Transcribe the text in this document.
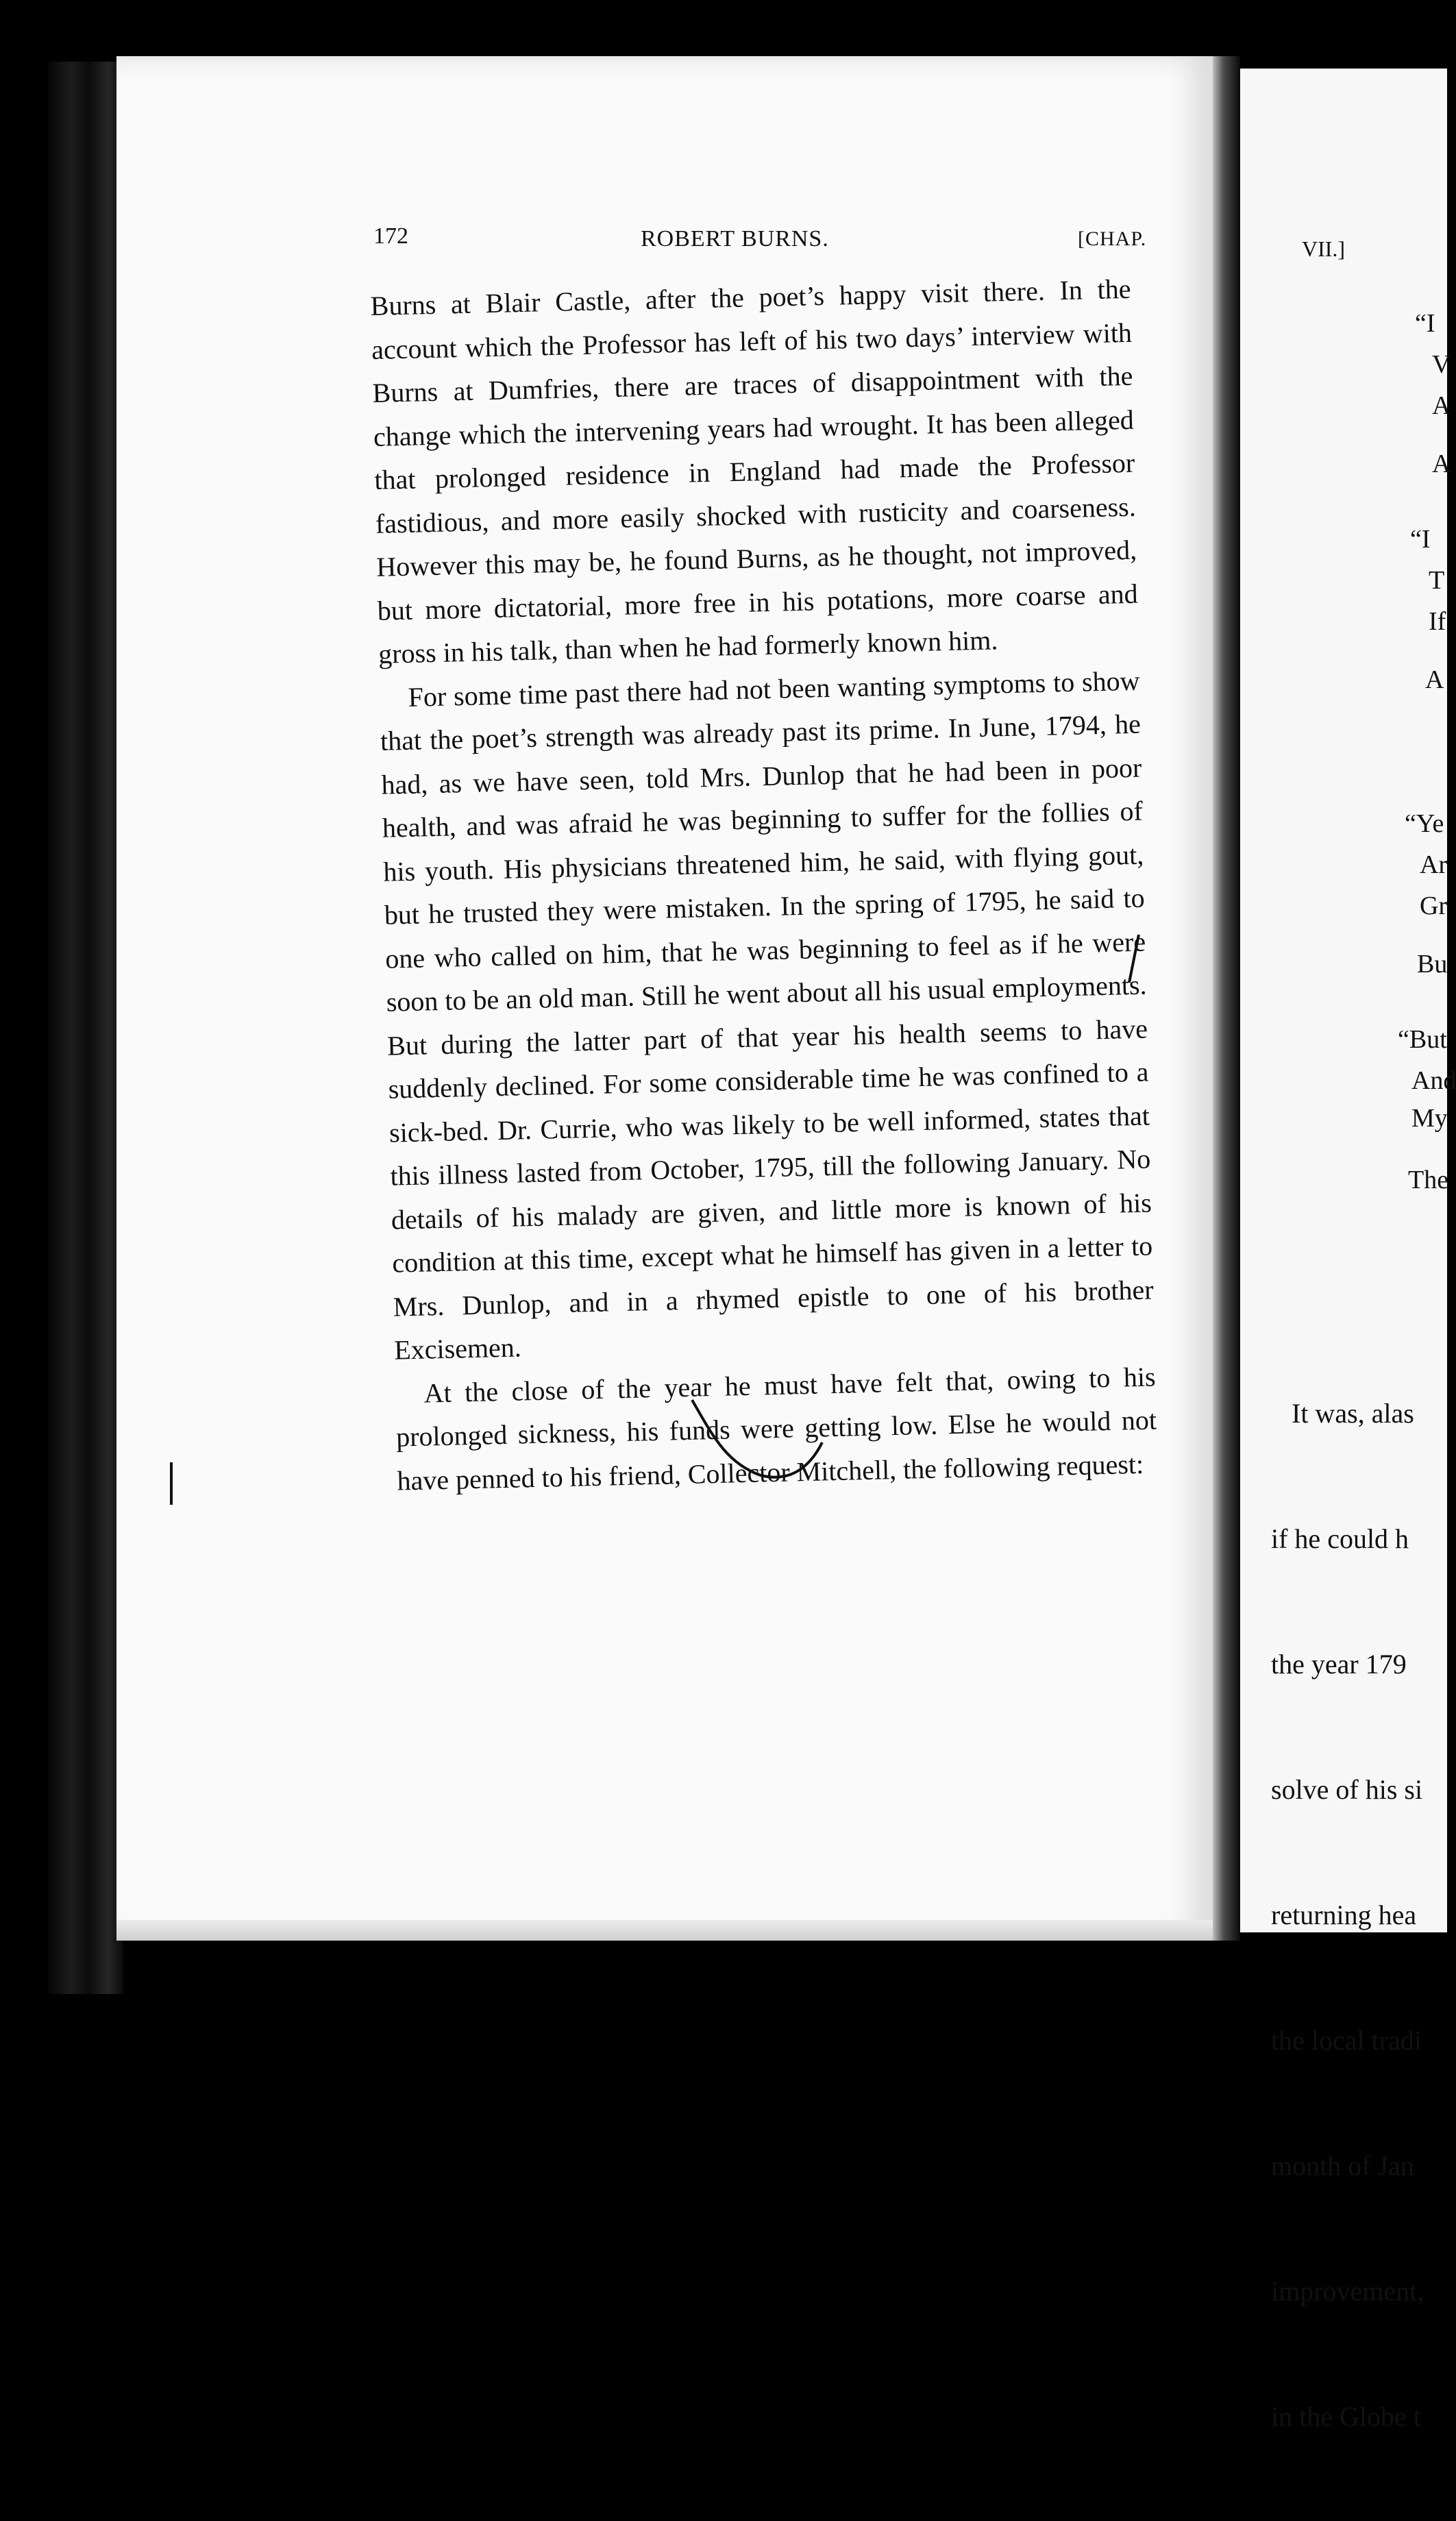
172	ROBERT BURNS.	[CHAP.

Burns at Blair Castle, after the poet’s happy visit there. In the account which the Professor has left of his two days’ interview with Burns at Dumfries, there are traces of disappointment with the change which the intervening years had wrought. It has been alleged that prolonged residence in England had made the Professor fastidious, and more easily shocked with rusticity and coarseness. However this may be, he found Burns, as he thought, not improved, but more dictatorial, more free in his potations, more coarse and gross in his talk, than when he had formerly known him.

For some time past there had not been wanting symptoms to show that the poet’s strength was already past its prime. In June, 1794, he had, as we have seen, told Mrs. Dunlop that he had been in poor health, and was afraid he was beginning to suffer for the follies of his youth. His physicians threatened him, he said, with flying gout, but he trusted they were mistaken. In the spring of 1795, he said to one who called on him, that he was beginning to feel as if he were soon to be an old man. Still he went about all his usual employments. But during the latter part of that year his health seems to have suddenly declined. For some considerable time he was confined to a sick-bed. Dr. Currie, who was likely to be well informed, states that this illness lasted from October, 1795, till the following January. No details of his malady are given, and little more is known of his condition at this time, except what he himself has given in a letter to Mrs. Dunlop, and in a rhymed epistle to one of his brother Excisemen.

At the close of the year he must have felt that, owing to his prolonged sickness, his funds were getting low. Else he would not have penned to his friend, Collector Mitchell, the following request:

VII.]
“I
V
A
A
“I
T
If
A
“Ye
Ar
Gr
Bu
“But
And
My
The

It was, alas

if he could h

the year 179

solve of his si

returning hea

the local tradi

month of Jan

improvement,

in the Globe t
